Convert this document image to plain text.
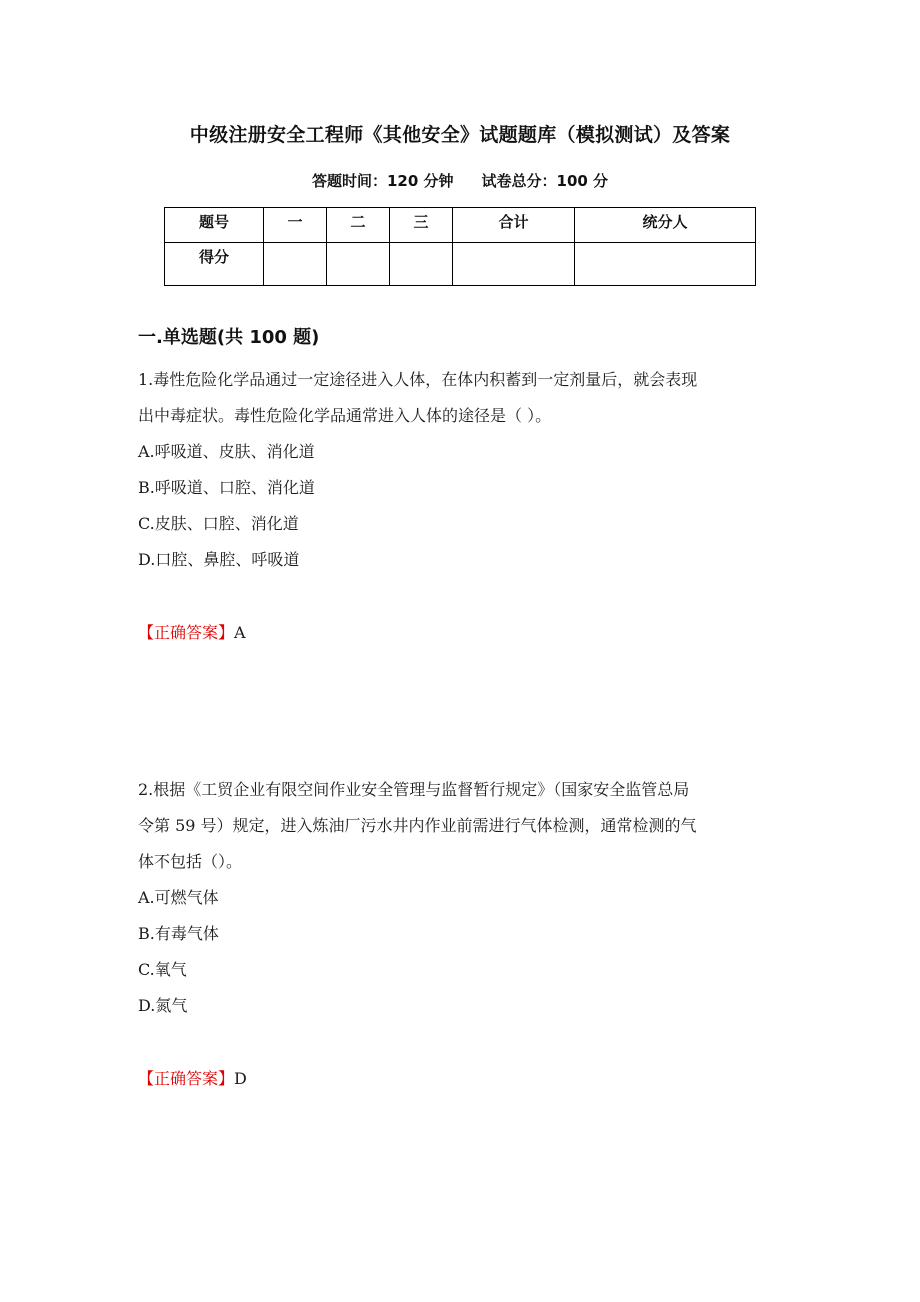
中级注册安全工程师《其他安全》试题题库（模拟测试）及答案
答题时间：120 分钟 试卷总分：100 分
题号	一	二	三	合计	统分人
得分					
一.单选题(共 100 题)

1.毒性危险化学品通过一定途径进入人体，在体内积蓄到一定剂量后，就会表现

出中毒症状。毒性危险化学品通常进入人体的途径是（ ）。

A.呼吸道、皮肤、消化道

B.呼吸道、口腔、消化道

C.皮肤、口腔、消化道

D.口腔、鼻腔、呼吸道

【正确答案】A

2.根据《工贸企业有限空间作业安全管理与监督暂行规定》（国家安全监管总局

令第 59 号）规定，进入炼油厂污水井内作业前需进行气体检测，通常检测的气

体不包括（）。

A.可燃气体

B.有毒气体

C.氧气

D.氮气

【正确答案】D
